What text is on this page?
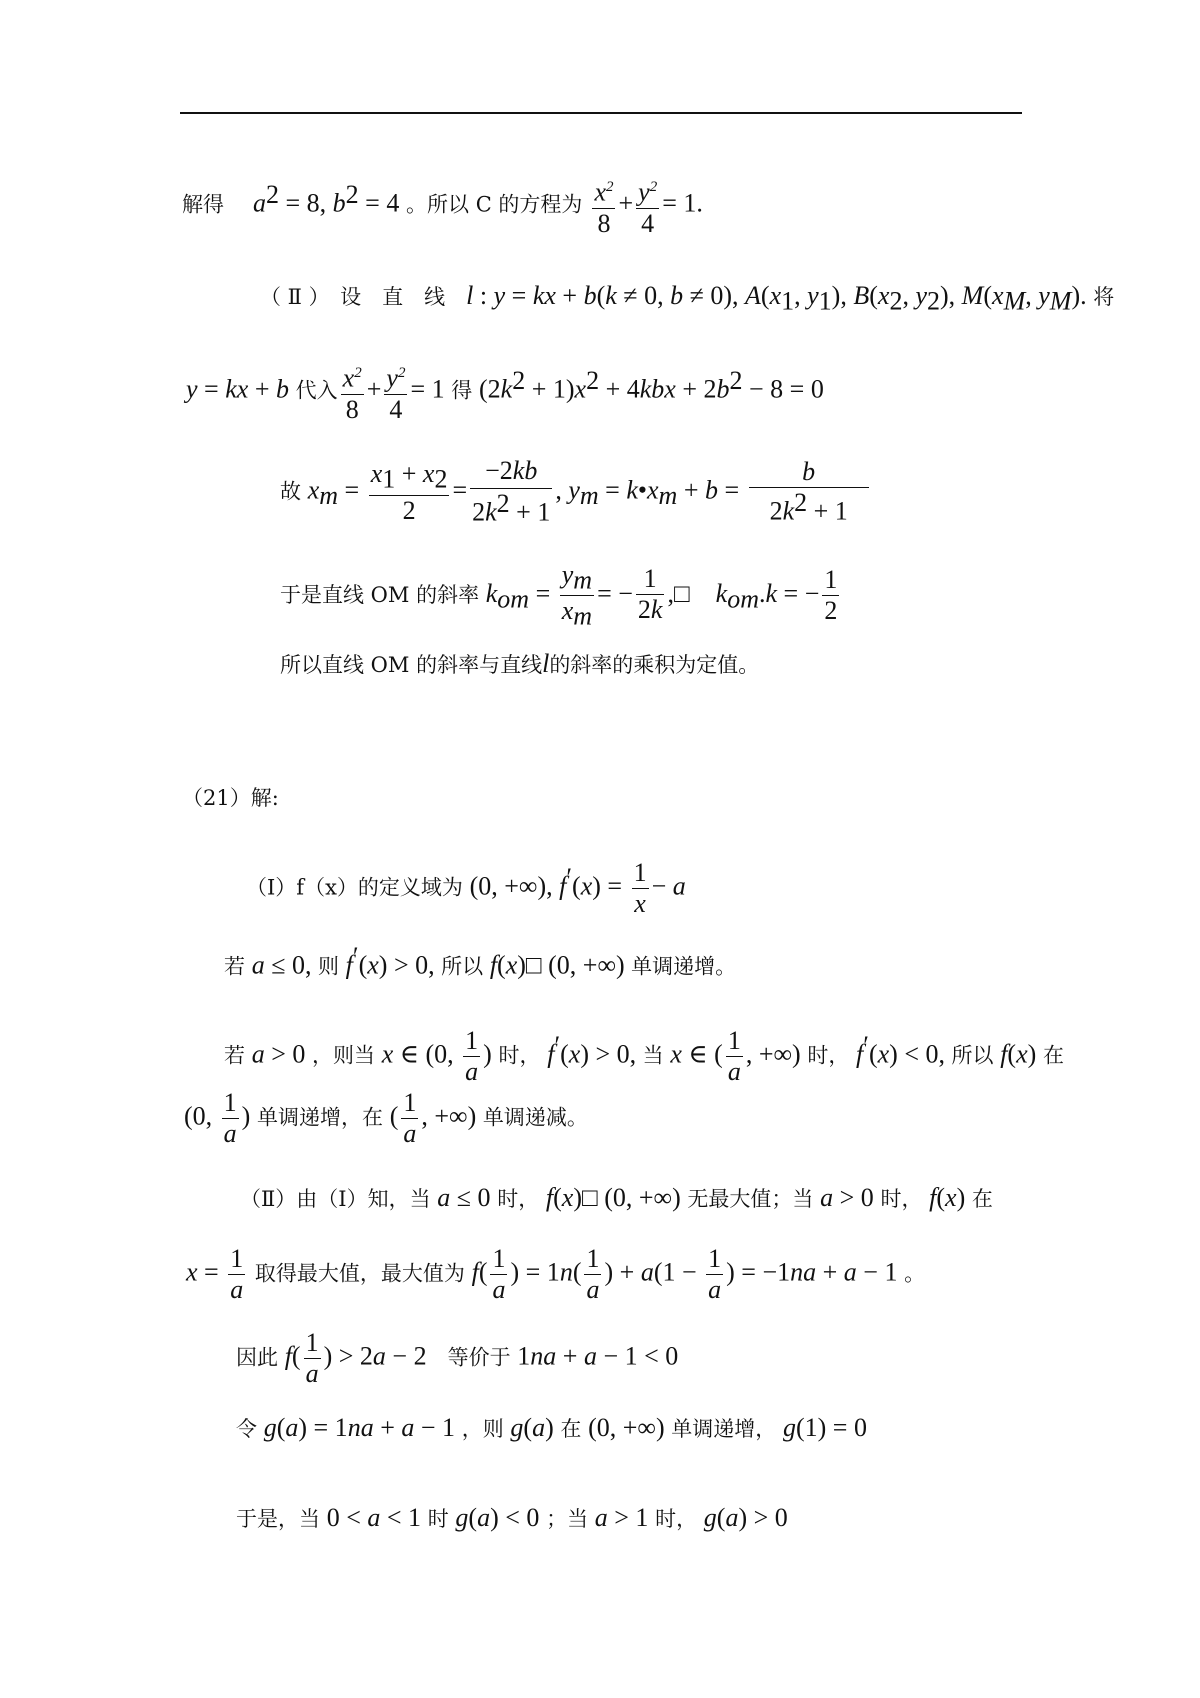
解得　 $a^2 = 8$, $b^2 = 4$ 。所以 C 的方程为 $\frac{x^2}{8} + \frac{y^2}{4} = 1$.
（ Ⅱ ）　设　直　线　l : y = kx + b(k ≠ 0, b ≠ 0), $A(x_1$, $y_1$), $B(x_2$, $y_2$), $M(x_M$, $y_M$). 将
y = kx + b 代入 $\frac{x^2}{8} + \frac{y^2}{4} = 1$ 得 $(2k^2 + 1)x^2 + 4kbx + 2b^2 - 8 = 0$
故 $x_m = \frac{x_1 + x_2}{2} = \frac{-2kb}{2k^2 + 1}$ , $y_m$ = $k•x_m + b = \frac{b}{2k^2 + 1}$
于是直线 OM 的斜率 $k_{om} = \frac{y_m}{x_m}$ = − $\frac{1}{2k}$ ,□　$k_{om}.k$ = − $\frac{1}{2}$
所以直线 OM 的斜率与直线l的斜率的乘积为定值。
（21）解:
（Ⅰ）f（x）的定义域为 (0, +∞), $f'(x) = \frac{1}{x} - a$
若 a ≤ 0, 则 f′(x) > 0, 所以 f(x)□ (0, +∞) 单调递增。
若 a > 0 ，则当 x ∈ (0, $\frac{1}{a}$ ) 时， f′(x) > 0, 当 x ∈ ( $\frac{1}{a}$ , +∞) 时， f′(x) < 0, 所以 f(x) 在
(0, $\frac{1}{a}$ ) 单调递增，在 ( $\frac{1}{a}$ , +∞) 单调递减。
（Ⅱ）由（Ⅰ）知，当 a ≤ 0 时， f(x)□ (0, +∞) 无最大值；当 a > 0 时， f(x) 在
$x = \frac{1}{a}$ 取得最大值，最大值为 $f( \frac{1}{a}$ ) = $1n( \frac{1}{a}$ ) + $a(1 - \frac{1}{a}$ ) = −1na + a − 1 。
因此 $f( \frac{1}{a}$ ) > 2a − 2　等价于 1na + a − 1 < 0
令 g(a) = 1na + a − 1 ，则 g(a) 在 (0, +∞) 单调递增， g(1) = 0
于是，当 0 < a < 1 时 g(a) < 0 ；当 a > 1 时， g(a) > 0
